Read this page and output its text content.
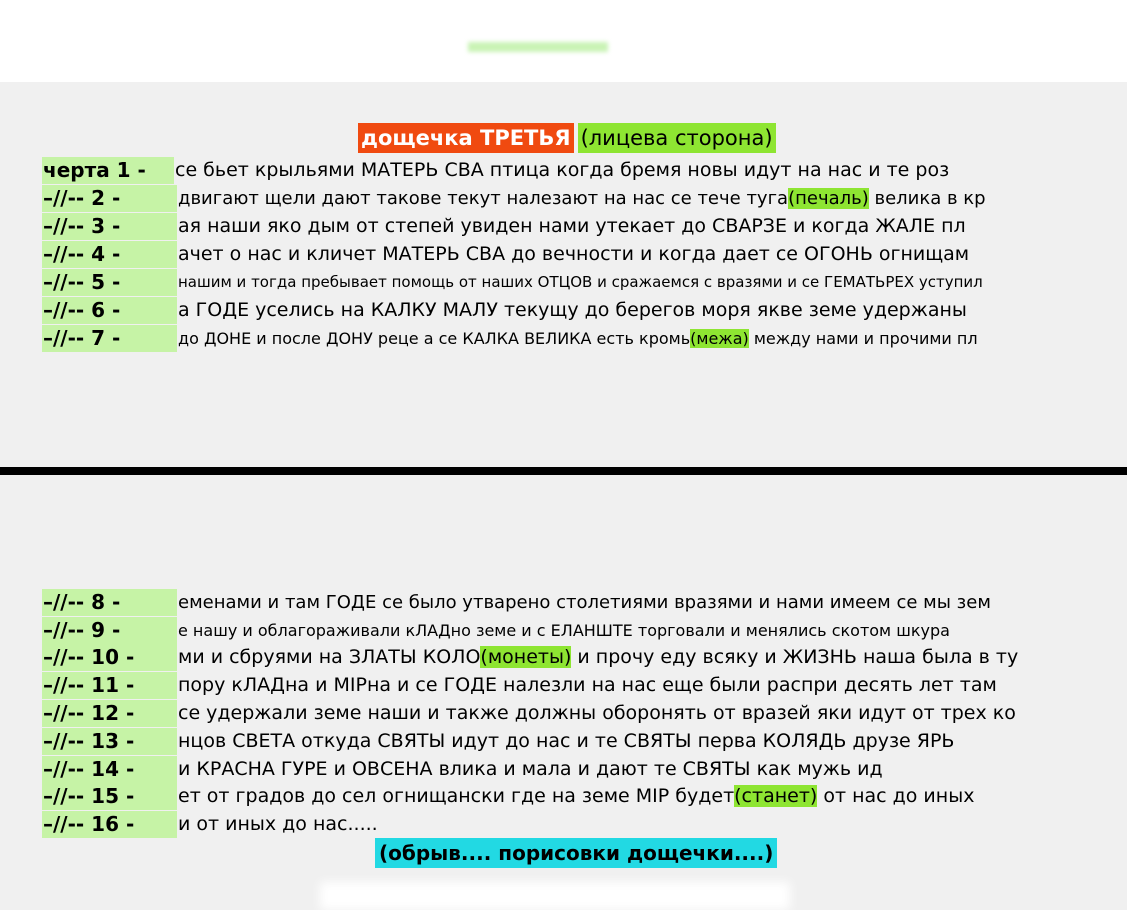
дощечка ТРЕТЬЯ (лицева сторона)
черта 1 -	се бьет крыльями МАТЕРЬ СВА птица когда бремя новы идут на нас и те роз
–//-- 2 -	двигают щели дают такове текут налезают на нас се тече туга(печаль) велика в кр
–//-- 3 -	ая наши яко дым от степей увиден нами утекает до СВАРЗЕ и когда ЖАЛЕ пл
–//-- 4 -	ачет о нас и кличет МАТЕРЬ СВА до вечности и когда дает се ОГОНЬ огнищам
–//-- 5 -	нашим и тогда пребывает помощь от наших ОТЦОВ и сражаемся с вразями и се ГЕМАТЬРЕХ уступил
–//-- 6 -	а ГОДЕ уселись на КАЛКУ МАЛУ текущу до берегов моря якве земе удержаны
–//-- 7 -	до ДОНЕ и после ДОНУ реце а се КАЛКА ВЕЛИКА есть кромь(межа) между нами и прочими пл
–//-- 8 -	еменами и там ГОДЕ се было утварено столетиями вразями и нами имеем се мы зем
–//-- 9 -	е нашу и облагораживали кЛАДно земе и с ЕЛАНШТЕ торговали и менялись скотом шкура
–//-- 10 -	ми и сбруями на ЗЛАТЫ КОЛО(монеты) и прочу еду всяку и ЖИЗНЬ наша была в ту
–//-- 11 -	пору кЛАДна и МІРна и се ГОДЕ налезли на нас еще были распри десять лет там
–//-- 12 -	се удержали земе наши и также должны оборонять от вразей яки идут от трех ко
–//-- 13 -	нцов СВЕТА откуда СВЯТЫ идут до нас и те СВЯТЫ перва КОЛЯДЬ друзе ЯРЬ
–//-- 14 -	и КРАСНА ГУРЕ и ОВСЕНА влика и мала и дают те СВЯТЫ как мужь ид
–//-- 15 -	ет от градов до сел огнищански где на земе МІР будет(станет) от нас до иных
–//-- 16 -	и от иных до нас.....
(обрыв.... порисовки дощечки....)
